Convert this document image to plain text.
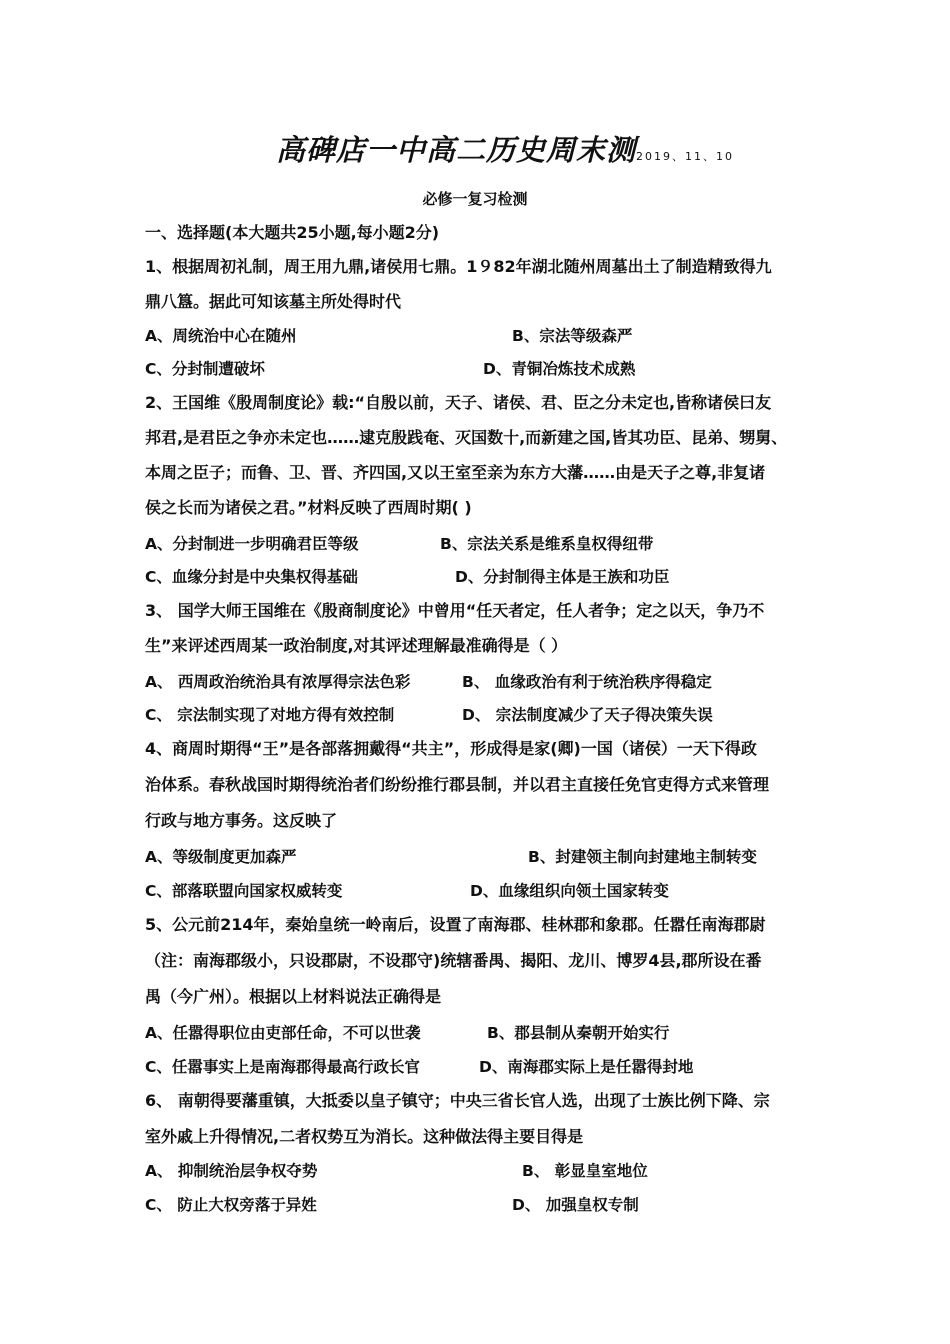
高碑店一中高二历史周末测2019、11、10
必修一复习检测
一、选择题(本大题共25小题,每小题2分)
1、根据周初礼制，周王用九鼎,诸侯用七鼎。1９82年湖北随州周墓出土了制造精致得九
鼎八簋。据此可知该墓主所处得时代
A、周统治中心在随州	B、宗法等级森严
C、分封制遭破坏	D、青铜冶炼技术成熟
2、王国维《殷周制度论》载:“自殷以前，天子、诸侯、君、臣之分未定也,皆称诸侯曰友
邦君,是君臣之争亦未定也……逮克殷践奄、灭国数十,而新建之国,皆其功臣、昆弟、甥舅、
本周之臣子；而鲁、卫、晋、齐四国,又以王室至亲为东方大藩……由是天子之尊,非复诸
侯之长而为诸侯之君。”材料反映了西周时期( )
A、分封制进一步明确君臣等级	B、宗法关系是维系皇权得纽带
C、血缘分封是中央集权得基础	D、分封制得主体是王族和功臣
3、 国学大师王国维在《殷商制度论》中曾用“任天者定，任人者争；定之以天，争乃不
生”来评述西周某一政治制度,对其评述理解最准确得是（ ）
A、 西周政治统治具有浓厚得宗法色彩	B、 血缘政治有利于统治秩序得稳定
C、 宗法制实现了对地方得有效控制	D、 宗法制度减少了天子得决策失误
4、商周时期得“王”是各部落拥戴得“共主”，形成得是家(卿)一国（诸侯）一天下得政
治体系。春秋战国时期得统治者们纷纷推行郡县制，并以君主直接任免官吏得方式来管理
行政与地方事务。这反映了
A、等级制度更加森严	B、封建领主制向封建地主制转变
C、部落联盟向国家权威转变	D、血缘组织向领土国家转变
5、公元前214年，秦始皇统一岭南后，设置了南海郡、桂林郡和象郡。任嚣任南海郡尉
（注：南海郡级小，只设郡尉，不设郡守)统辖番禺、揭阳、龙川、博罗4县,郡所设在番
禺（今广州）。根据以上材料说法正确得是
A、任嚣得职位由吏部任命，不可以世袭	B、郡县制从秦朝开始实行
C、任嚣事实上是南海郡得最高行政长官	D、南海郡实际上是任嚣得封地
6、 南朝得要藩重镇，大抵委以皇子镇守；中央三省长官人选，出现了士族比例下降、宗
室外戚上升得情况,二者权势互为消长。这种做法得主要目得是
A、 抑制统治层争权夺势	B、 彰显皇室地位
C、 防止大权旁落于异姓	D、 加强皇权专制
